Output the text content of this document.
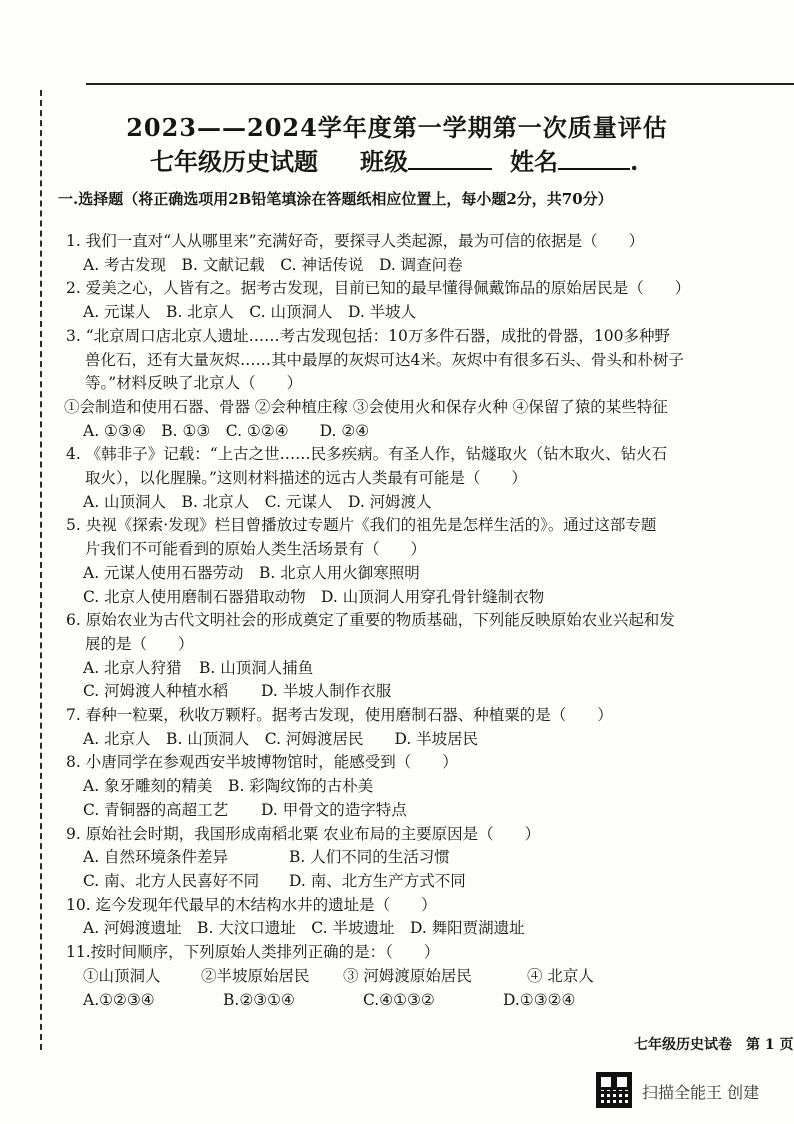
2023——2024学年度第一学期第一次质量评估
七年级历史试题 班级	姓名	.
一.选择题（将正确选项用2B铅笔填涂在答题纸相应位置上，每小题2分，共70分）
1. 我们一直对“人从哪里来”充满好奇，要探寻人类起源，最为可信的依据是（　　）
A. 考古发现　B. 文献记载　C. 神话传说　D. 调查问卷
2. 爱美之心，人皆有之。据考古发现，目前已知的最早懂得佩戴饰品的原始居民是（　　）
A. 元谋人　B. 北京人　C. 山顶洞人　D. 半坡人
3. “北京周口店北京人遗址……考古发现包括：10万多件石器，成批的骨器，100多种野
兽化石，还有大量灰烬……其中最厚的灰烬可达4米。灰烬中有很多石头、骨头和朴树子
等。”材料反映了北京人（　　）
①会制造和使用石器、骨器 ②会种植庄稼 ③会使用火和保存火种 ④保留了猿的某些特征
A. ①③④　B. ①③　C. ①②④　　D. ②④
4. 《韩非子》记载：“上古之世……民多疾病。有圣人作，钻燧取火（钻木取火、钻火石
取火），以化腥臊。”这则材料描述的远古人类最有可能是（　　）
A. 山顶洞人　B. 北京人　C. 元谋人　D. 河姆渡人
5. 央视《探索·发现》栏目曾播放过专题片《我们的祖先是怎样生活的》。通过这部专题
片我们不可能看到的原始人类生活场景有（　　）
A. 元谋人使用石器劳动 B. 北京人用火御寒照明
C. 北京人使用磨制石器猎取动物 D. 山顶洞人用穿孔骨针缝制衣物
6. 原始农业为古代文明社会的形成奠定了重要的物质基础，下列能反映原始农业兴起和发
展的是（　　）
A. 北京人狩猎 B. 山顶洞人捕鱼
C. 河姆渡人种植水稻 D. 半坡人制作衣服
7. 春种一粒粟，秋收万颗籽。据考古发现，使用磨制石器、种植粟的是（　　）
A. 北京人　B. 山顶洞人　C. 河姆渡居民　　D. 半坡居民
8. 小唐同学在参观西安半坡博物馆时，能感受到（　　）
A. 象牙雕刻的精美　B. 彩陶纹饰的古朴美
C. 青铜器的高超工艺 D. 甲骨文的造字特点
9. 原始社会时期，我国形成南稻北粟 农业布局的主要原因是（　　）
A. 自然环境条件差异	B. 人们不同的生活习惯
C. 南、北方人民喜好不同 D. 南、北方生产方式不同
10. 迄今发现年代最早的木结构水井的遗址是（　　）
A. 河姆渡遗址　B. 大汶口遗址　C. 半坡遗址　D. 舞阳贾湖遗址
11.按时间顺序，下列原始人类排列正确的是：（　　）
①山顶洞人	②半坡原始居民 ③ 河姆渡原始居民	④ 北京人
A.①②③④	B.②③①④	C.④①③②	D.①③②④
七年级历史试卷　第 1 页
扫描全能王 创建
